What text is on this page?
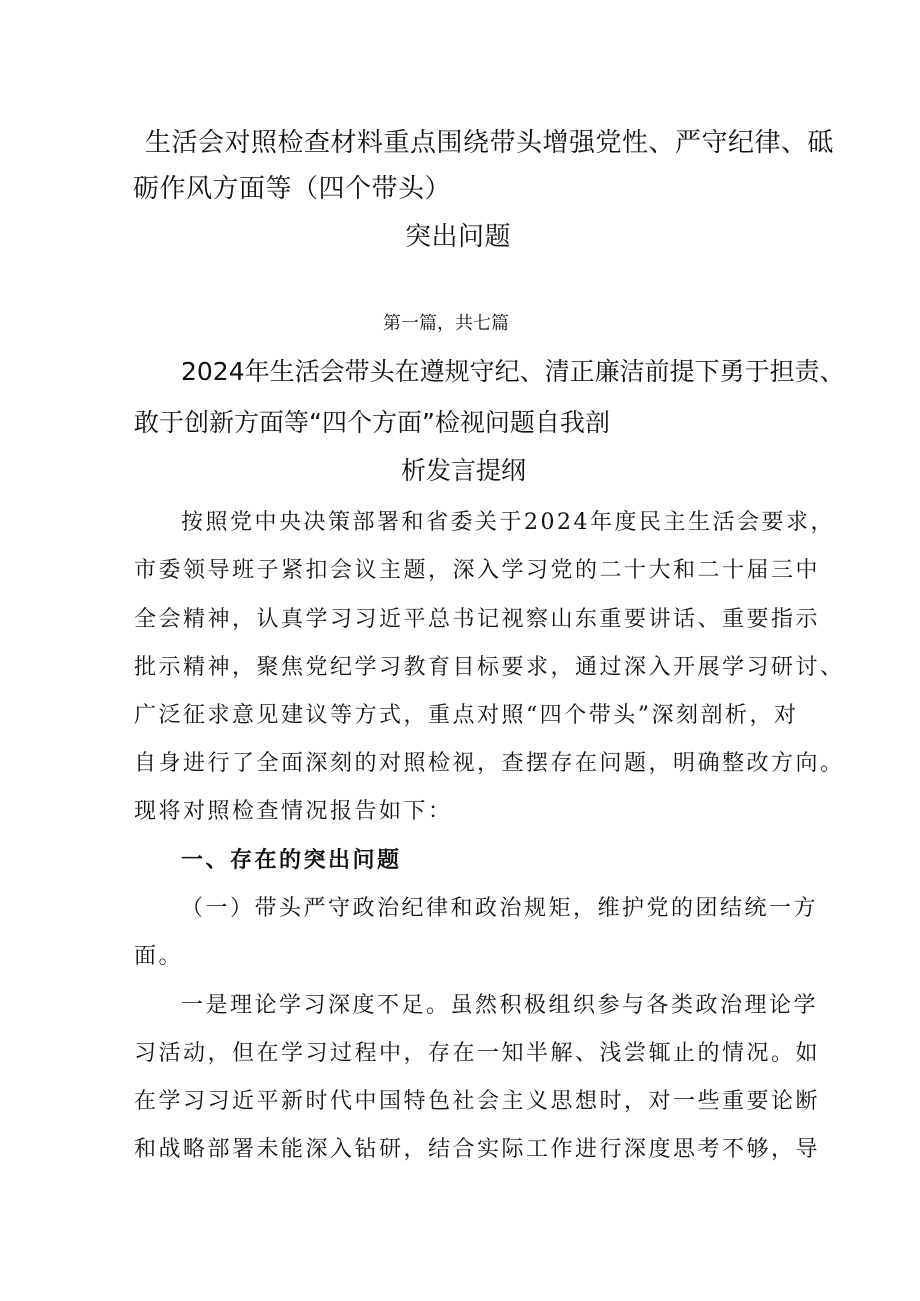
生活会对照检查材料重点围绕带头增强党性、严守纪律、砥

砺作风方面等（四个带头）

突出问题

第一篇，共七篇

2024年生活会带头在遵规守纪、清正廉洁前提下勇于担责、

敢于创新方面等“四个方面”检视问题自我剖

析发言提纲

按照党中央决策部署和省委关于2024年度民主生活会要求，

市委领导班子紧扣会议主题，深入学习党的二十大和二十届三中

全会精神，认真学习习近平总书记视察山东重要讲话、重要指示

批示精神，聚焦党纪学习教育目标要求，通过深入开展学习研讨、

广泛征求意见建议等方式，重点对照“四个带头”深刻剖析，对

自身进行了全面深刻的对照检视，查摆存在问题，明确整改方向。

现将对照检查情况报告如下：

一、存在的突出问题

（一）带头严守政治纪律和政治规矩，维护党的团结统一方

面。

一是理论学习深度不足。虽然积极组织参与各类政治理论学

习活动，但在学习过程中，存在一知半解、浅尝辄止的情况。如

在学习习近平新时代中国特色社会主义思想时，对一些重要论断

和战略部署未能深入钻研，结合实际工作进行深度思考不够，导
